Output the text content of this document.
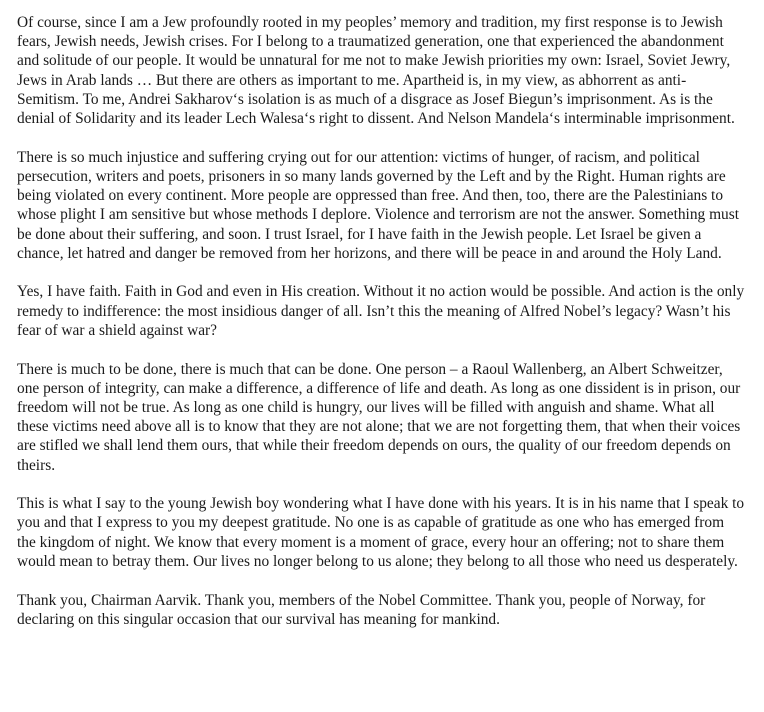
Of course, since I am a Jew profoundly rooted in my peoples’ memory and tradition, my first response is to Jewish fears, Jewish needs, Jewish crises. For I belong to a traumatized generation, one that experienced the abandonment and solitude of our people. It would be unnatural for me not to make Jewish priorities my own: Israel, Soviet Jewry, Jews in Arab lands … But there are others as important to me. Apartheid is, in my view, as abhorrent as anti-Semitism. To me, Andrei Sakharov‘s isolation is as much of a disgrace as Josef Biegun’s imprisonment. As is the denial of Solidarity and its leader Lech Walesa‘s right to dissent. And Nelson Mandela‘s interminable imprisonment.

There is so much injustice and suffering crying out for our attention: victims of hunger, of racism, and political persecution, writers and poets, prisoners in so many lands governed by the Left and by the Right. Human rights are being violated on every continent. More people are oppressed than free. And then, too, there are the Palestinians to whose plight I am sensitive but whose methods I deplore. Violence and terrorism are not the answer. Something must be done about their suffering, and soon. I trust Israel, for I have faith in the Jewish people. Let Israel be given a chance, let hatred and danger be removed from her horizons, and there will be peace in and around the Holy Land.

Yes, I have faith. Faith in God and even in His creation. Without it no action would be possible. And action is the only remedy to indifference: the most insidious danger of all. Isn’t this the meaning of Alfred Nobel’s legacy? Wasn’t his fear of war a shield against war?

There is much to be done, there is much that can be done. One person – a Raoul Wallenberg, an Albert Schweitzer, one person of integrity, can make a difference, a difference of life and death. As long as one dissident is in prison, our freedom will not be true. As long as one child is hungry, our lives will be filled with anguish and shame. What all these victims need above all is to know that they are not alone; that we are not forgetting them, that when their voices are stifled we shall lend them ours, that while their freedom depends on ours, the quality of our freedom depends on theirs.

This is what I say to the young Jewish boy wondering what I have done with his years. It is in his name that I speak to you and that I express to you my deepest gratitude. No one is as capable of gratitude as one who has emerged from the kingdom of night. We know that every moment is a moment of grace, every hour an offering; not to share them would mean to betray them. Our lives no longer belong to us alone; they belong to all those who need us desperately.

Thank you, Chairman Aarvik. Thank you, members of the Nobel Committee. Thank you, people of Norway, for declaring on this singular occasion that our survival has meaning for mankind.
